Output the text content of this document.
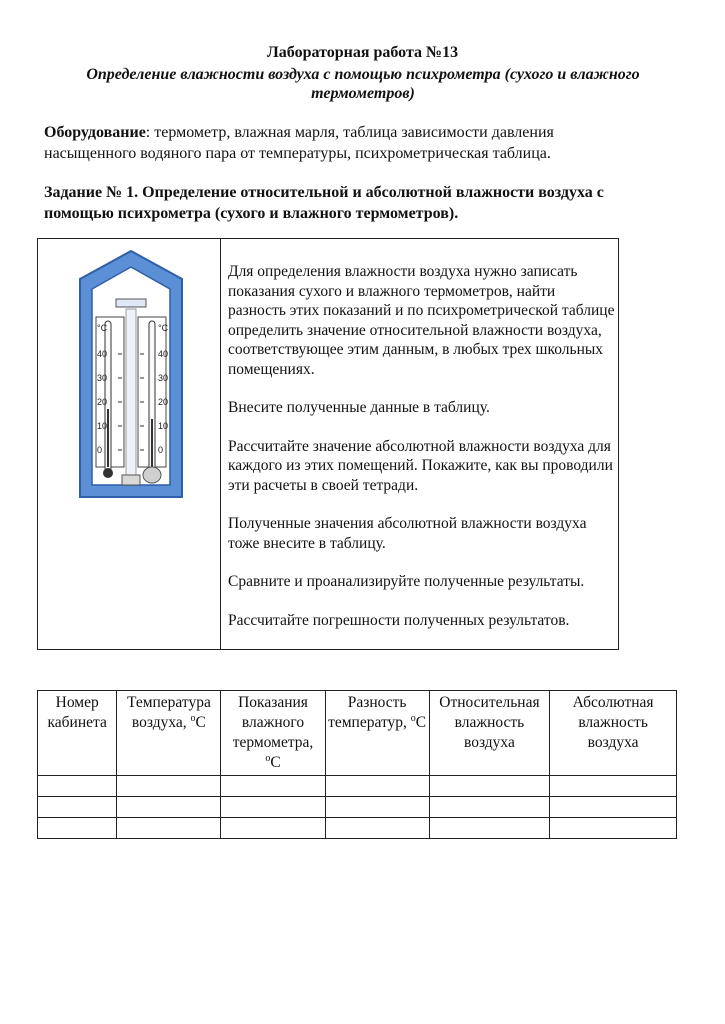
Лабораторная работа №13
Определение влажности воздуха с помощью психрометра (сухого и влажного термометров)
Оборудование: термометр, влажная марля, таблица зависимости давления насыщенного водяного пара от температуры, психрометрическая таблица.
Задание № 1. Определение относительной и абсолютной влажности воздуха с помощью психрометра (сухого и влажного термометров).
°C	°C
40	40
30	30
20	20
10	10
0	0

Для определения влажности воздуха нужно записать показания сухого и влажного термометров, найти разность этих показаний и по психрометрической таблице определить значение относительной влажности воздуха, соответствующее этим данным, в любых трех школьных помещениях.

Внесите полученные данные в таблицу.

Рассчитайте значение абсолютной влажности воздуха для каждого из этих помещений. Покажите, как вы проводили эти расчеты в своей тетради.

Полученные значения абсолютной влажности воздуха тоже внесите в таблицу.

Сравните и проанализируйте полученные результаты.

Рассчитайте погрешности полученных результатов.

Номер кабинета	Температура воздуха, $^o$C	Показания влажного термометра, $^o$C	Разность температур, $^o$C	Относительная влажность воздуха	Абсолютная влажность воздуха
